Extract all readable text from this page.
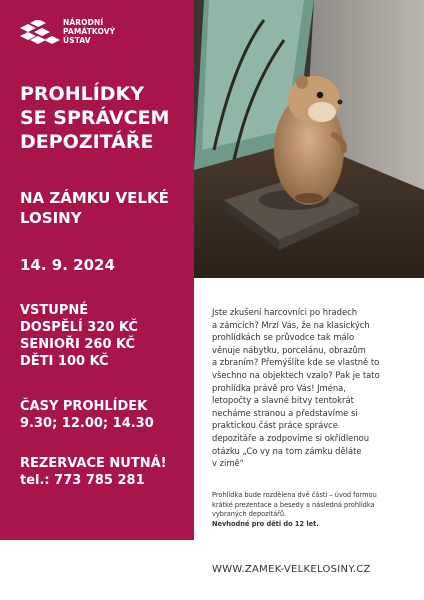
NÁRODNÍ
PAMÁTKOVÝ
ÚSTAV
PROHLÍDKY
SE SPRÁVCEM
DEPOZITÁŘE
NA ZÁMKU VELKÉ
LOSINY
14. 9. 2024
VSTUPNÉ
DOSPĚLÍ 320 KČ
SENIOŘI 260 KČ
DĚTI 100 KČ
ČASY PROHLÍDEK
9.30; 12.00; 14.30
REZERVACE NUTNÁ!
tel.: 773 785 281
Jste zkušení harcovníci po hradech
a zámcích? Mrzí Vás, že na klasických
prohlídkách se průvodce tak málo
věnuje nábytku, porcelánu, obrazům
a zbraním? Přemýšlíte kde se vlastně to
všechno na objektech vzalo? Pak je tato
prohlídka právě pro Vás! Jména,
letopočty a slavné bitvy tentokrát
necháme stranou a představíme si
praktickou část práce správce
depozitáře a zodpovíme si okřídlenou
otázku „Co vy na tom zámku děláte
v zimě“
Prohlídka bude rozdělena dvě části – úvod formou
krátké prezentace a besedy a následná prohlídka
vybraných depozitářů.
Nevhodné pro děti do 12 let.
WWW.ZAMEK-VELKELOSINY.CZ
